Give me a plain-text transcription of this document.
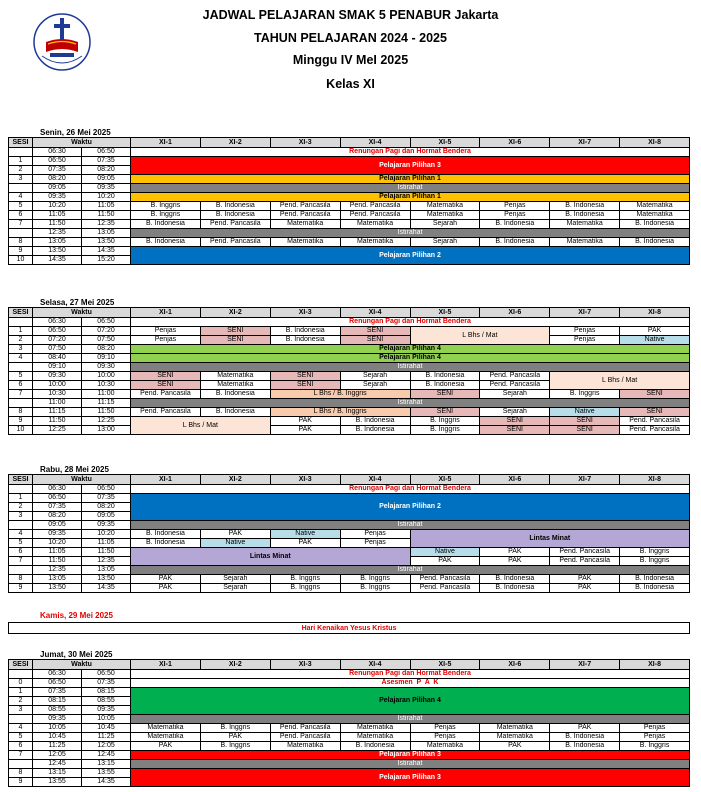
JADWAL PELAJARAN SMAK 5 PENABUR Jakarta
TAHUN PELAJARAN 2024 - 2025
Minggu IV MeI 2025
Kelas XI
Senin, 26 Mei 2025
SESI	Waktu		XI-1	XI-2	XI-3	XI-4	XI-5	XI-6	XI-7	XI-8
	06:30	06:50	Renungan Pagi dan Hormat Bendera							
1	06:50	07:35	Pelajaran Pilihan 3							
2	07:35	08:20								
3	08:20	09:05	Pelajaran Pilihan 1							
	09:05	09:35	Istirahat							
4	09:35	10:20	Pelajaran Pilihan 1							
5	10:20	11:05	B. Inggris	B. Indonesia	Pend. Pancasila	Pend. Pancasila	Matematika	Penjas	B. Indonesia	Matematika
6	11:05	11:50	B. Inggris	B. Indonesia	Pend. Pancasila	Pend. Pancasila	Matematika	Penjas	B. Indonesia	Matematika
7	11:50	12:35	B. Indonesia	Pend. Pancasila	Matematika	Matematika	Sejarah	B. Indonesia	Matematika	B. Indonesia
	12:35	13:05	Istirahat							
8	13:05	13:50	B. Indonesia	Pend. Pancasila	Matematika	Matematika	Sejarah	B. Indonesia	Matematika	B. Indonesia
9	13:50	14:35	Pelajaran Pilihan 2							
10	14:35	15:20								
Selasa, 27 Mei 2025
SESI	Waktu		XI-1	XI-2	XI-3	XI-4	XI-5	XI-6	XI-7	XI-8
	06:30	06:50	Renungan Pagi dan Hormat Bendera							
1	06:50	07:20	Penjas	SENI	B. Indonesia	SENI	L Bhs / Mat		Penjas	PAK
2	07:20	07:50	Penjas	SENI	B. Indonesia	SENI			Penjas	Native
3	07:50	08:20	Pelajaran Pilihan 4							
4	08:40	09:10	Pelajaran Pilihan 4							
	09:10	09:30	Istirahat							
5	09:30	10:00	SENI	Matematika	SENI	Sejarah	B. Indonesia	Pend. Pancasila	L Bhs / Mat	
6	10:00	10:30	SENI	Matematika	SENI	Sejarah	B. Indonesia	Pend. Pancasila		
7	10:30	11:00	Pend. Pancasila	B. Indonesia	L Bhs / B. Inggris		SENI	Sejarah	B. Inggris	SENI
	11:00	11:15	Istirahat							
8	11:15	11:50	Pend. Pancasila	B. Indonesia	L Bhs / B. Inggris		SENI	Sejarah	Native	SENI
9	11:50	12:25	L Bhs / Mat		PAK	B. Indonesia	B. Inggris	SENI	SENI	Pend. Pancasila
10	12:25	13:00			PAK	B. Indonesia	B. Inggris	SENI	SENI	Pend. Pancasila
Rabu, 28 Mei 2025
SESI	Waktu		XI-1	XI-2	XI-3	XI-4	XI-5	XI-6	XI-7	XI-8
	06:30	06:50	Renungan Pagi dan Hormat Bendera							
1	06:50	07:35	Pelajaran Pilihan 2							
2	07:35	08:20								
3	08:20	09:05								
	09:05	09:35	Istirahat							
4	09:35	10:20	B. Indonesia	PAK	Native	Penjas	Lintas Minat			
5	10:20	11:05	B. Indonesia	Native	PAK	Penjas				
6	11:05	11:50	Lintas Minat				Native	PAK	Pend. Pancasila	B. Inggris
7	11:50	12:35					PAK	PAK	Pend. Pancasila	B. Inggris
	12:35	13:05	Istirahat							
8	13:05	13:50	PAK	Sejarah	B. Inggris	B. Inggris	Pend. Pancasila	B. Indonesia	PAK	B. Indonesia
9	13:50	14:35	PAK	Sejarah	B. Inggris	B. Inggris	Pend. Pancasila	B. Indonesia	PAK	B. Indonesia
Kamis, 29 Mei 2025
Hari Kenaikan Yesus Kristus
Jumat, 30 Mei 2025
SESI	Waktu		XI-1	XI-2	XI-3	XI-4	XI-5	XI-6	XI-7	XI-8
	06:30	06:50	Renungan Pagi dan Hormat Bendera							
0	06:50	07:35	Asesmen  P  A  K							
1	07:35	08:15	Pelajaran Pilihan 4							
2	08:15	08:55								
3	08:55	09:35								
	09:35	10:05	Istirahat							
4	10:05	10:45	Matematika	B. Inggris	Pend. Pancasila	Matematika	Penjas	Matematika	PAK	Penjas
5	10:45	11:25	Matematika	PAK	Pend. Pancasila	Matematika	Penjas	Matematika	B. Indonesia	Penjas
6	11:25	12:05	PAK	B. Inggris	Matematika	B. Indonesia	Matematika	PAK	B. Indonesia	B. Inggris
7	12:05	12:45	Pelajaran Pilihan 3							
	12:45	13:15	Istirahat							
8	13:15	13:55	Pelajaran Pilihan 3							
9	13:55	14:35								
